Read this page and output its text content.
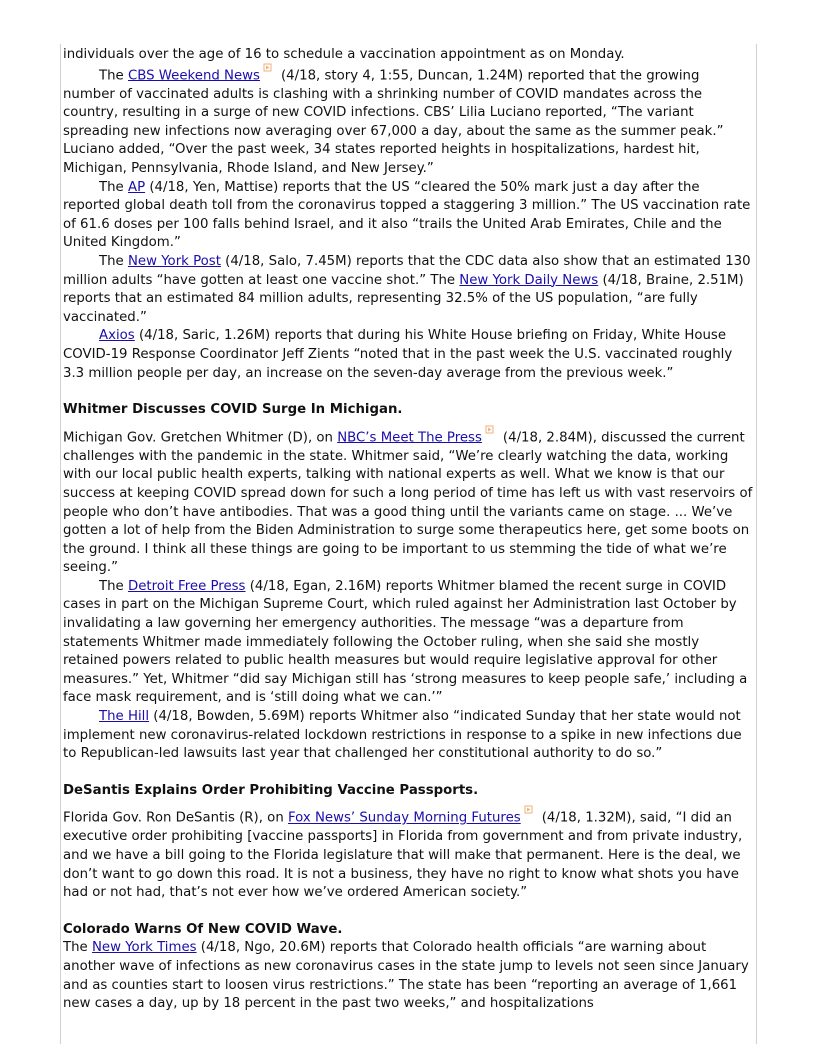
individuals over the age of 16 to schedule a vaccination appointment as on Monday.

The CBS Weekend News (4/18, story 4, 1:55, Duncan, 1.24M) reported that the growing number of vaccinated adults is clashing with a shrinking number of COVID mandates across the country, resulting in a surge of new COVID infections. CBS’ Lilia Luciano reported, “The variant spreading new infections now averaging over 67,000 a day, about the same as the summer peak.” Luciano added, “Over the past week, 34 states reported heights in hospitalizations, hardest hit, Michigan, Pennsylvania, Rhode Island, and New Jersey.”

The AP (4/18, Yen, Mattise) reports that the US “cleared the 50% mark just a day after the reported global death toll from the coronavirus topped a staggering 3 million.” The US vaccination rate of 61.6 doses per 100 falls behind Israel, and it also “trails the United Arab Emirates, Chile and the United Kingdom.”

The New York Post (4/18, Salo, 7.45M) reports that the CDC data also show that an estimated 130 million adults “have gotten at least one vaccine shot.” The New York Daily News (4/18, Braine, 2.51M) reports that an estimated 84 million adults, representing 32.5% of the US population, “are fully vaccinated.”

Axios (4/18, Saric, 1.26M) reports that during his White House briefing on Friday, White House COVID-19 Response Coordinator Jeff Zients “noted that in the past week the U.S. vaccinated roughly 3.3 million people per day, an increase on the seven-day average from the previous week.”

Whitmer Discusses COVID Surge In Michigan.

Michigan Gov. Gretchen Whitmer (D), on NBC’s Meet The Press (4/18, 2.84M), discussed the current challenges with the pandemic in the state. Whitmer said, “We’re clearly watching the data, working with our local public health experts, talking with national experts as well. What we know is that our success at keeping COVID spread down for such a long period of time has left us with vast reservoirs of people who don’t have antibodies. That was a good thing until the variants came on stage. ... We’ve gotten a lot of help from the Biden Administration to surge some therapeutics here, get some boots on the ground. I think all these things are going to be important to us stemming the tide of what we’re seeing.”

The Detroit Free Press (4/18, Egan, 2.16M) reports Whitmer blamed the recent surge in COVID cases in part on the Michigan Supreme Court, which ruled against her Administration last October by invalidating a law governing her emergency authorities. The message “was a departure from statements Whitmer made immediately following the October ruling, when she said she mostly retained powers related to public health measures but would require legislative approval for other measures.” Yet, Whitmer “did say Michigan still has ‘strong measures to keep people safe,’ including a face mask requirement, and is ‘still doing what we can.’”

The Hill (4/18, Bowden, 5.69M) reports Whitmer also “indicated Sunday that her state would not implement new coronavirus-related lockdown restrictions in response to a spike in new infections due to Republican-led lawsuits last year that challenged her constitutional authority to do so.”

DeSantis Explains Order Prohibiting Vaccine Passports.

Florida Gov. Ron DeSantis (R), on Fox News’ Sunday Morning Futures (4/18, 1.32M), said, “I did an executive order prohibiting [vaccine passports] in Florida from government and from private industry, and we have a bill going to the Florida legislature that will make that permanent. Here is the deal, we don’t want to go down this road. It is not a business, they have no right to know what shots you have had or not had, that’s not ever how we’ve ordered American society.”

Colorado Warns Of New COVID Wave.

The New York Times (4/18, Ngo, 20.6M) reports that Colorado health officials “are warning about another wave of infections as new coronavirus cases in the state jump to levels not seen since January and as counties start to loosen virus restrictions.” The state has been “reporting an average of 1,661 new cases a day, up by 18 percent in the past two weeks,” and hospitalizations
